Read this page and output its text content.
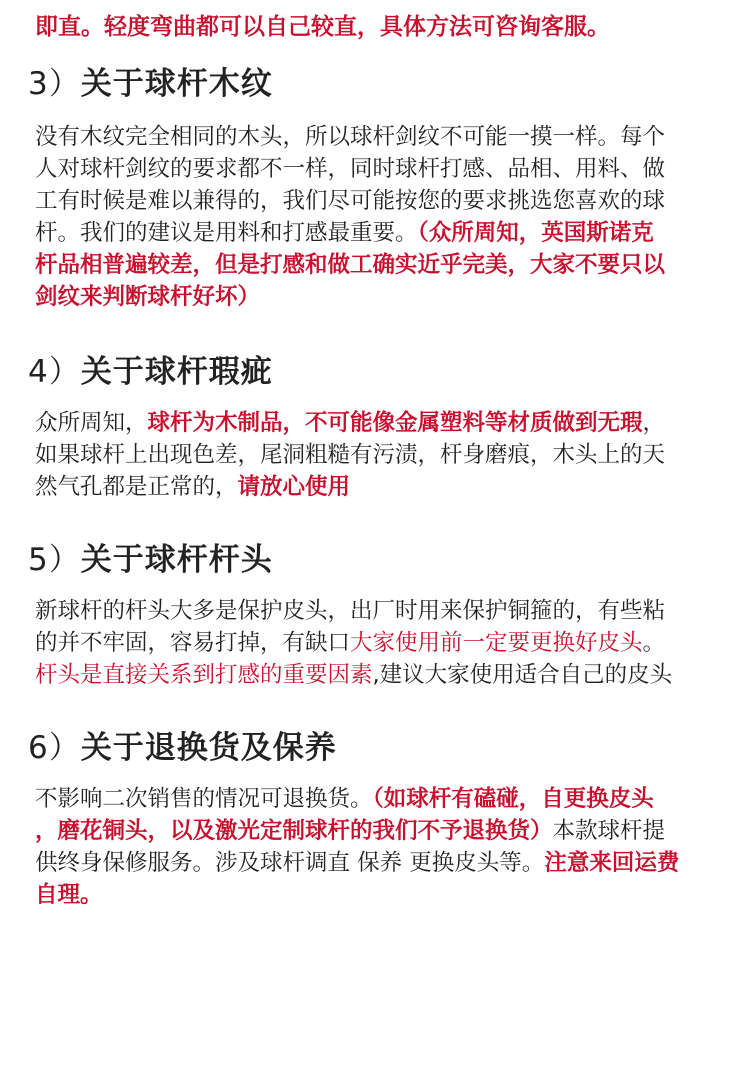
即直。轻度弯曲都可以自己较直，具体方法可咨询客服。
3）关于球杆木纹
没有木纹完全相同的木头，所以球杆剑纹不可能一摸一样。每个
人对球杆剑纹的要求都不一样，同时球杆打感、品相、用料、做
工有时候是难以兼得的，我们尽可能按您的要求挑选您喜欢的球
杆。我们的建议是用料和打感最重要。（众所周知，英国斯诺克
杆品相普遍较差，但是打感和做工确实近乎完美，大家不要只以
剑纹来判断球杆好坏）
4）关于球杆瑕疵
众所周知，球杆为木制品，不可能像金属塑料等材质做到无瑕，
如果球杆上出现色差，尾洞粗糙有污渍，杆身磨痕，木头上的天
然气孔都是正常的，请放心使用
5）关于球杆杆头
新球杆的杆头大多是保护皮头，出厂时用来保护铜箍的，有些粘
的并不牢固，容易打掉，有缺口大家使用前一定要更换好皮头。
杆头是直接关系到打感的重要因素,建议大家使用适合自己的皮头
6）关于退换货及保养
不影响二次销售的情况可退换货。（如球杆有磕碰，自更换皮头
，磨花铜头，以及激光定制球杆的我们不予退换货）本款球杆提
供终身保修服务。涉及球杆调直 保养 更换皮头等。注意来回运费
自理。
